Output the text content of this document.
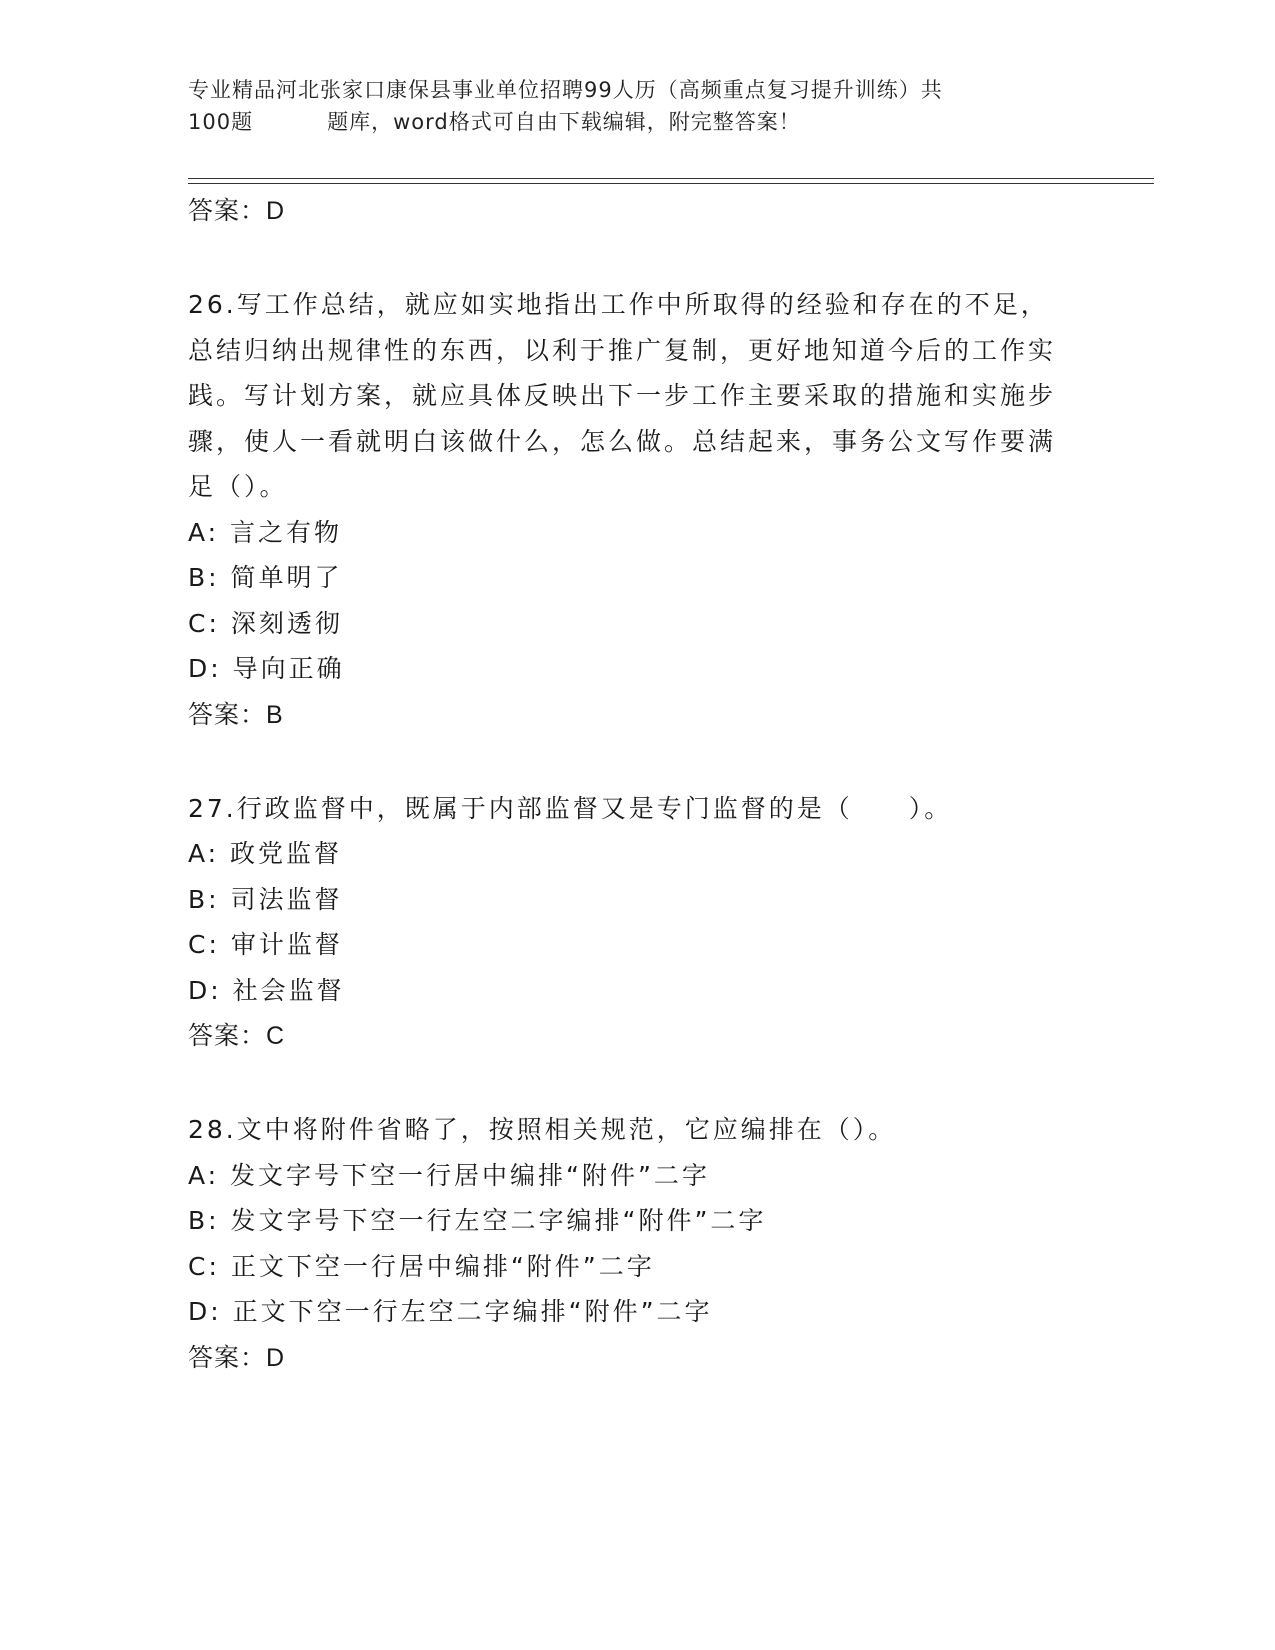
专业精品河北张家口康保县事业单位招聘99人历（高频重点复习提升训练）共
100题	题库，word格式可自由下载编辑，附完整答案！
答案：D
26.写工作总结，就应如实地指出工作中所取得的经验和存在的不足，总结归纳出规律性的东西，以利于推广复制，更好地知道今后的工作实践。写计划方案，就应具体反映出下一步工作主要采取的措施和实施步骤，使人一看就明白该做什么，怎么做。总结起来，事务公文写作要满足（）。
A: 言之有物
B: 简单明了
C: 深刻透彻
D: 导向正确
答案：B
27.行政监督中，既属于内部监督又是专门监督的是（　　）。
A: 政党监督
B: 司法监督
C: 审计监督
D: 社会监督
答案：C
28.文中将附件省略了，按照相关规范，它应编排在（）。
A: 发文字号下空一行居中编排“附件”二字
B: 发文字号下空一行左空二字编排“附件”二字
C: 正文下空一行居中编排“附件”二字
D: 正文下空一行左空二字编排“附件”二字
答案：D
